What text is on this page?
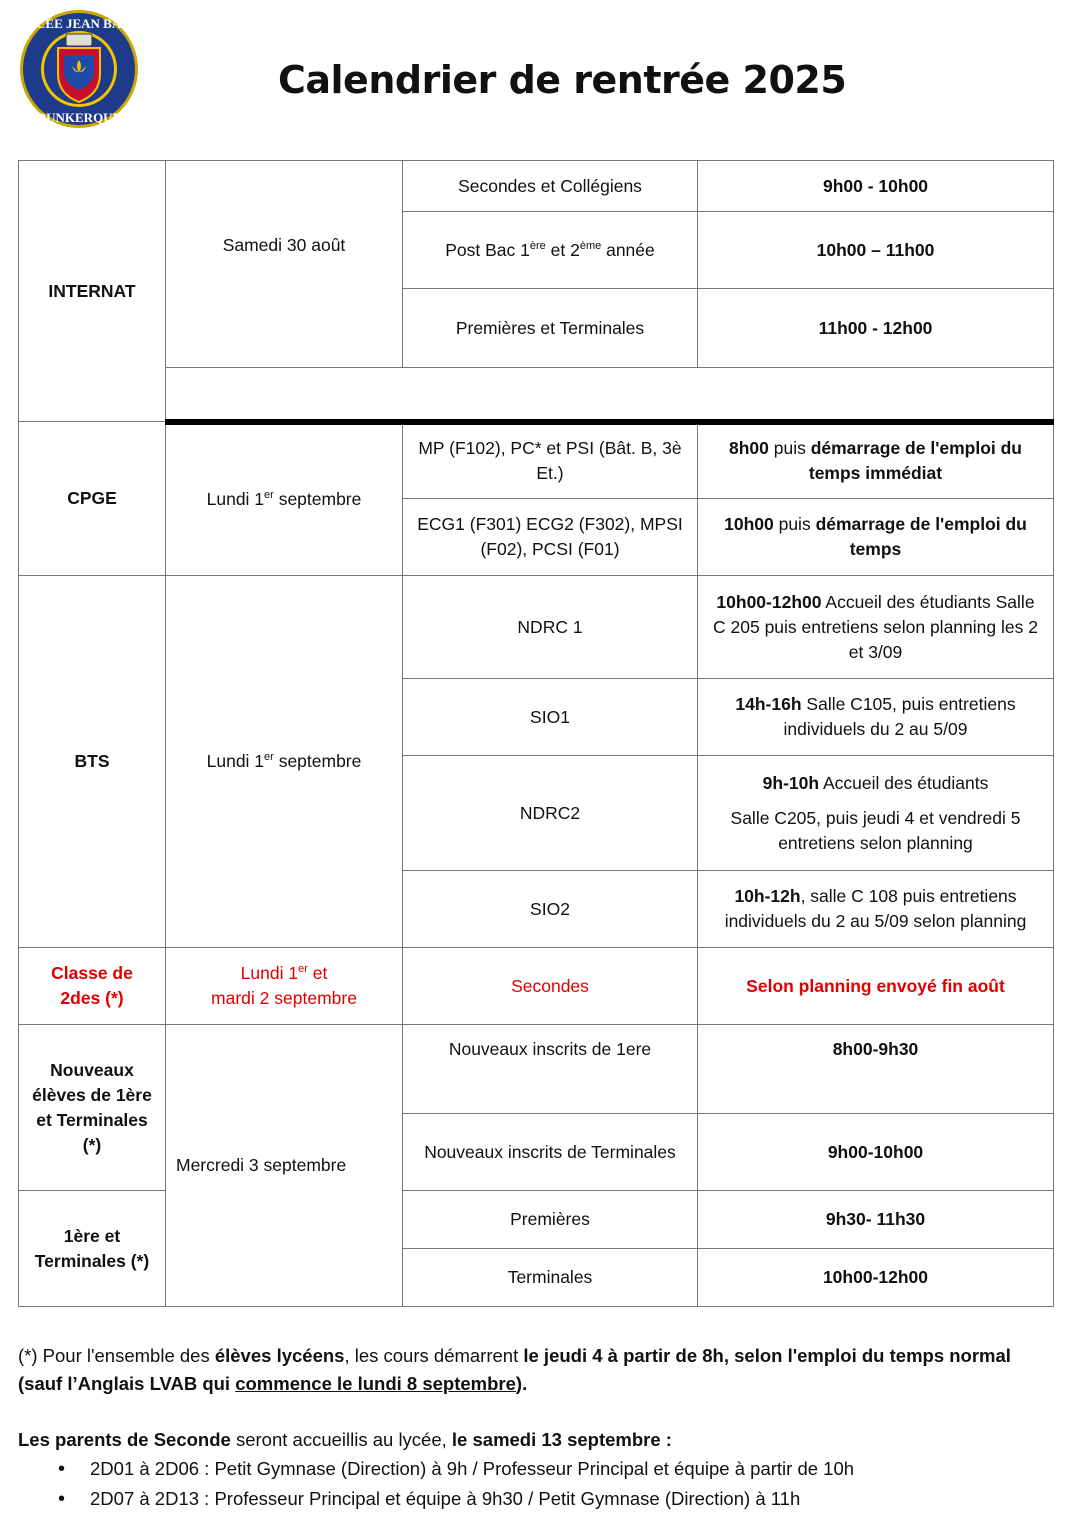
LYCÉE JEAN BART
DUNKERQUE
Calendrier de rentrée 2025
INTERNAT	Samedi 30 août	Secondes et Collégiens	9h00 - 10h00
		Post Bac 1ère et 2ème année	10h00 – 11h00
		Premières et Terminales	11h00 - 12h00

CPGE	Lundi 1er septembre	MP (F102), PC* et PSI (Bât. B, 3è Et.)	8h00 puis démarrage de l'emploi du temps immédiat
		ECG1 (F301) ECG2 (F302), MPSI (F02), PCSI (F01)	10h00 puis démarrage de l'emploi du temps
BTS	Lundi 1er septembre	NDRC 1	10h00-12h00 Accueil des étudiants Salle C 205 puis entretiens selon planning les 2 et 3/09
		SIO1	14h-16h Salle C105, puis entretiens individuels du 2 au 5/09
		NDRC2	9h-10h Accueil des étudiants
Salle C205, puis jeudi 4 et vendredi 5 entretiens selon planning

		SIO2	10h-12h, salle C 108 puis entretiens individuels du 2 au 5/09 selon planning
Classe de 2des (*)	Lundi 1er et
mardi 2 septembre	Secondes	Selon planning envoyé fin août
Nouveaux élèves de 1ère et Terminales (*)	Mercredi 3 septembre	Nouveaux inscrits de 1ere	8h00-9h30
		Nouveaux inscrits de Terminales	9h00-10h00
1ère et Terminales (*)		Premières	9h30- 11h30
		Terminales	10h00-12h00
(*) Pour l'ensemble des élèves lycéens, les cours démarrent le jeudi 4 à partir de 8h, selon l'emploi du temps normal (sauf l’Anglais LVAB qui commence le lundi 8 septembre).
Les parents de Seconde seront accueillis au lycée, le samedi 13 septembre :
• 2D01 à 2D06 : Petit Gymnase (Direction) à 9h / Professeur Principal et équipe à partir de 10h
• 2D07 à 2D13 : Professeur Principal et équipe à 9h30 / Petit Gymnase (Direction) à 11h
